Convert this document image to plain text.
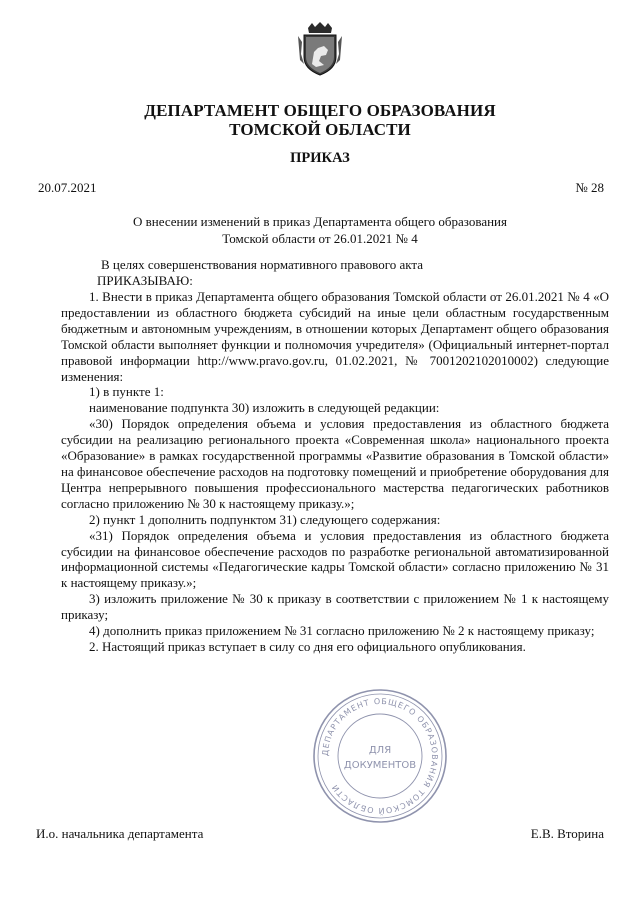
ДЕПАРТАМЕНТ ОБЩЕГО ОБРАЗОВАНИЯ
ТОМСКОЙ ОБЛАСТИ
ПРИКАЗ
20.07.2021	№ 28
О внесении изменений в приказ Департамента общего образования
Томской области от 26.01.2021 № 4

В целях совершенствования нормативного правового акта

ПРИКАЗЫВАЮ:

1. Внести в приказ Департамента общего образования Томской области от 26.01.2021 № 4 «О предоставлении из областного бюджета субсидий на иные цели областным государственным бюджетным и автономным учреждениям, в отношении которых Департамент общего образования Томской области выполняет функции и полномочия учредителя» (Официальный интернет-портал правовой информации http://www.pravo.gov.ru, 01.02.2021, № 7001202102010002) следующие изменения:

1) в пункте 1:

наименование подпункта 30) изложить в следующей редакции:

«30) Порядок определения объема и условия предоставления из областного бюджета субсидии на реализацию регионального проекта «Современная школа» национального проекта «Образование» в рамках государственной программы «Развитие образования в Томской области» на финансовое обеспечение расходов на подготовку помещений и приобретение оборудования для Центра непрерывного повышения профессионального мастерства педагогических работников согласно приложению № 30 к настоящему приказу.»;

2) пункт 1 дополнить подпунктом 31) следующего содержания:

«31) Порядок определения объема и условия предоставления из областного бюджета субсидии на финансовое обеспечение расходов по разработке региональной автоматизированной информационной системы «Педагогические кадры Томской области» согласно приложению № 31 к настоящему приказу.»;

3) изложить приложение № 30 к приказу в соответствии с приложением № 1 к настоящему приказу;

4) дополнить приказ приложением № 31 согласно приложению № 2 к настоящему приказу;

2. Настоящий приказ вступает в силу со дня его официального опубликования.

ДЕПАРТАМЕНТ ОБЩЕГО ОБРАЗОВАНИЯ ТОМСКОЙ ОБЛАСТИ
ДЛЯ
ДОКУМЕНТОВ
И.о. начальника департамента	Е.В. Вторина
